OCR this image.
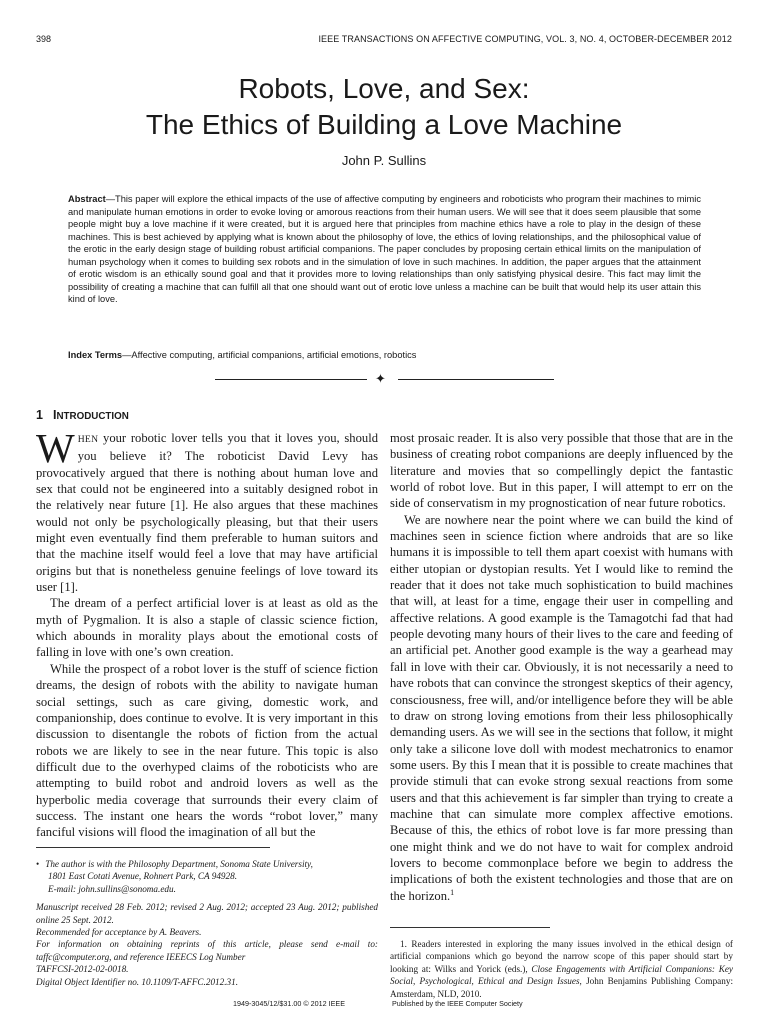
398	IEEE TRANSACTIONS ON AFFECTIVE COMPUTING, VOL. 3, NO. 4, OCTOBER-DECEMBER 2012
Robots, Love, and Sex:
The Ethics of Building a Love Machine
John P. Sullins

Abstract—This paper will explore the ethical impacts of the use of affective computing by engineers and roboticists who program their machines to mimic and manipulate human emotions in order to evoke loving or amorous reactions from their human users. We will see that it does seem plausible that some people might buy a love machine if it were created, but it is argued here that principles from machine ethics have a role to play in the design of these machines. This is best achieved by applying what is known about the philosophy of love, the ethics of loving relationships, and the philosophical value of the erotic in the early design stage of building robust artificial companions. The paper concludes by proposing certain ethical limits on the manipulation of human psychology when it comes to building sex robots and in the simulation of love in such machines. In addition, the paper argues that the attainment of erotic wisdom is an ethically sound goal and that it provides more to loving relationships than only satisfying physical desire. This fact may limit the possibility of creating a machine that can fulfill all that one should want out of erotic love unless a machine can be built that would help its user attain this kind of love.

Index Terms—Affective computing, artificial companions, artificial emotions, robotics
✦
1 INTRODUCTION

WHEN your robotic lover tells you that it loves you, should you believe it? The roboticist David Levy has provocatively argued that there is nothing about human love and sex that could not be engineered into a suitably designed robot in the relatively near future [1]. He also argues that these machines would not only be psychologically pleasing, but that their users might even eventually find them preferable to human suitors and that the machine itself would feel a love that may have artificial origins but that is nonetheless genuine feelings of love toward its user [1].

The dream of a perfect artificial lover is at least as old as the myth of Pygmalion. It is also a staple of classic science fiction, which abounds in morality plays about the emotional costs of falling in love with one’s own creation.

While the prospect of a robot lover is the stuff of science fiction dreams, the design of robots with the ability to navigate human social settings, such as care giving, domestic work, and companionship, does continue to evolve. It is very important in this discussion to disentangle the robots of fiction from the actual robots we are likely to see in the near future. This topic is also difficult due to the overhyped claims of the roboticists who are attempting to build robot and android lovers as well as the hyperbolic media coverage that surrounds their every claim of success. The instant one hears the words “robot lover,” many fanciful visions will flood the imagination of all but the

most prosaic reader. It is also very possible that those that are in the business of creating robot companions are deeply influenced by the literature and movies that so compellingly depict the fantastic world of robot love. But in this paper, I will attempt to err on the side of conservatism in my prognostication of near future robotics.

We are nowhere near the point where we can build the kind of machines seen in science fiction where androids that are so like humans it is impossible to tell them apart coexist with humans with either utopian or dystopian results. Yet I would like to remind the reader that it does not take much sophistication to build machines that will, at least for a time, engage their user in compelling and affective relations. A good example is the Tamagotchi fad that had people devoting many hours of their lives to the care and feeding of an artificial pet. Another good example is the way a gearhead may fall in love with their car. Obviously, it is not necessarily a need to have robots that can convince the strongest skeptics of their agency, consciousness, free will, and/or intelligence before they will be able to draw on strong loving emotions from their less philosophically demanding users. As we will see in the sections that follow, it might only take a silicone love doll with modest mechatronics to enamor some users. By this I mean that it is possible to create machines that provide stimuli that can evoke strong sexual reactions from some users and that this achievement is far simpler than trying to create a machine that can simulate more complex affective emotions. Because of this, the ethics of robot love is far more pressing than one might think and we do not have to wait for complex android lovers to become commonplace before we begin to address the implications of both the existent technologies and those that are on the horizon.$^1$

• The author is with the Philosophy Department, Sonoma State University,

1801 East Cotati Avenue, Rohnert Park, CA 94928.

E-mail: john.sullins@sonoma.edu.

Manuscript received 28 Feb. 2012; revised 2 Aug. 2012; accepted 23 Aug. 2012; published online 25 Sept. 2012.

Recommended for acceptance by A. Beavers.

For information on obtaining reprints of this article, please send e-mail to: taffc@computer.org, and reference IEEECS Log Number

TAFFCSI-2012-02-0018.

Digital Object Identifier no. 10.1109/T-AFFC.2012.31.

1. Readers interested in exploring the many issues involved in the ethical design of artificial companions which go beyond the narrow scope of this paper should start by looking at: Wilks and Yorick (eds.), Close Engagements with Artificial Companions: Key Social, Psychological, Ethical and Design Issues, John Benjamins Publishing Company: Amsterdam, NLD, 2010.

1949-3045/12/$31.00 © 2012 IEEE	Published by the IEEE Computer Society
